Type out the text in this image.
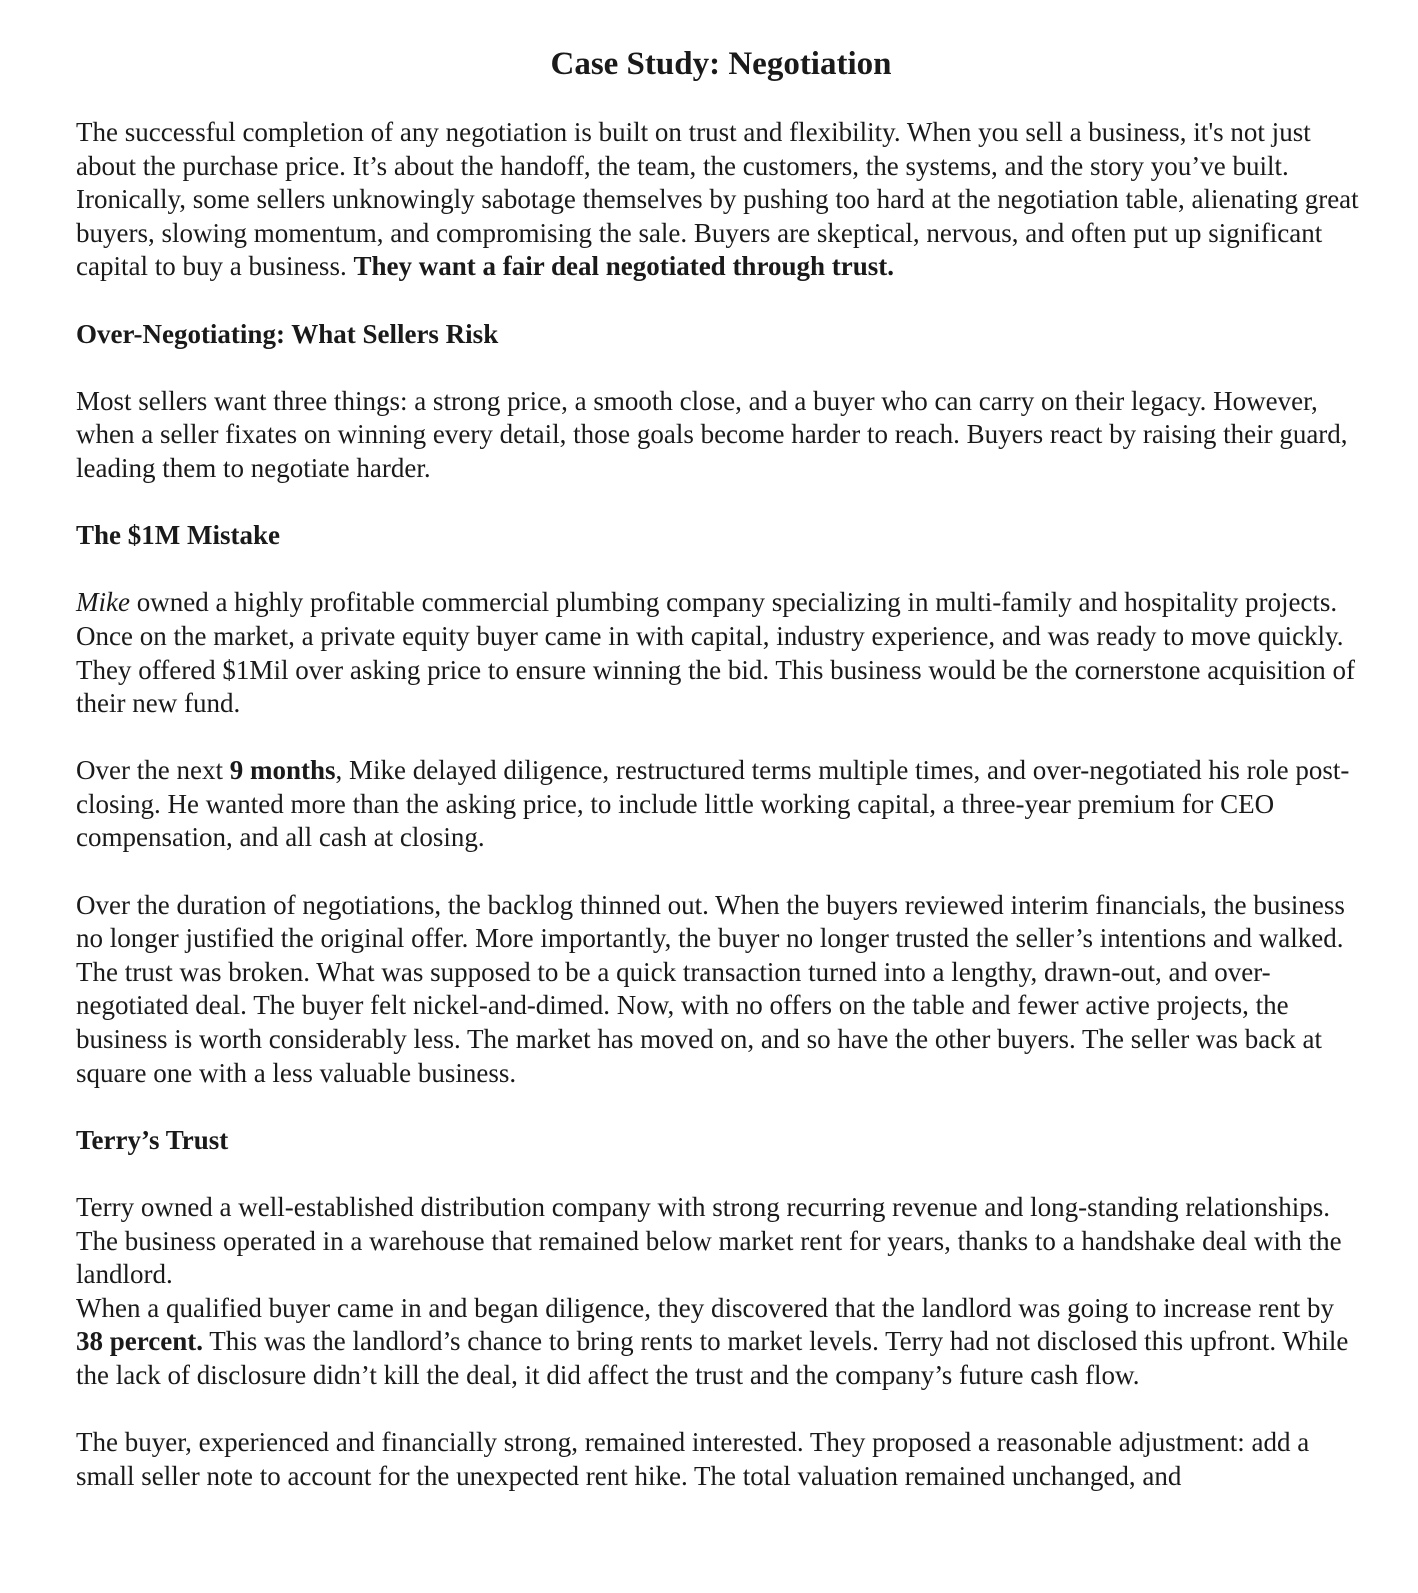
Case Study: Negotiation

The successful completion of any negotiation is built on trust and flexibility. When you sell a business, it's not just about the purchase price. It’s about the handoff, the team, the customers, the systems, and the story you’ve built. Ironically, some sellers unknowingly sabotage themselves by pushing too hard at the negotiation table, alienating great buyers, slowing momentum, and compromising the sale. Buyers are skeptical, nervous, and often put up significant capital to buy a business. They want a fair deal negotiated through trust.

Over-Negotiating: What Sellers Risk

Most sellers want three things: a strong price, a smooth close, and a buyer who can carry on their legacy. However, when a seller fixates on winning every detail, those goals become harder to reach. Buyers react by raising their guard, leading them to negotiate harder.

The $1M Mistake

Mike owned a highly profitable commercial plumbing company specializing in multi-family and hospitality projects. Once on the market, a private equity buyer came in with capital, industry experience, and was ready to move quickly. They offered $1Mil over asking price to ensure winning the bid. This business would be the cornerstone acquisition of their new fund.

Over the next 9 months, Mike delayed diligence, restructured terms multiple times, and over-negotiated his role post-closing. He wanted more than the asking price, to include little working capital, a three-year premium for CEO compensation, and all cash at closing.

Over the duration of negotiations, the backlog thinned out. When the buyers reviewed interim financials, the business no longer justified the original offer. More importantly, the buyer no longer trusted the seller’s intentions and walked. The trust was broken. What was supposed to be a quick transaction turned into a lengthy, drawn-out, and over-negotiated deal. The buyer felt nickel-and-dimed. Now, with no offers on the table and fewer active projects, the business is worth considerably less. The market has moved on, and so have the other buyers. The seller was back at square one with a less valuable business.

Terry’s Trust

Terry owned a well-established distribution company with strong recurring revenue and long-standing relationships. The business operated in a warehouse that remained below market rent for years, thanks to a handshake deal with the landlord.

When a qualified buyer came in and began diligence, they discovered that the landlord was going to increase rent by 38 percent. This was the landlord’s chance to bring rents to market levels. Terry had not disclosed this upfront. While the lack of disclosure didn’t kill the deal, it did affect the trust and the company’s future cash flow.

The buyer, experienced and financially strong, remained interested. They proposed a reasonable adjustment: add a small seller note to account for the unexpected rent hike. The total valuation remained unchanged, and
